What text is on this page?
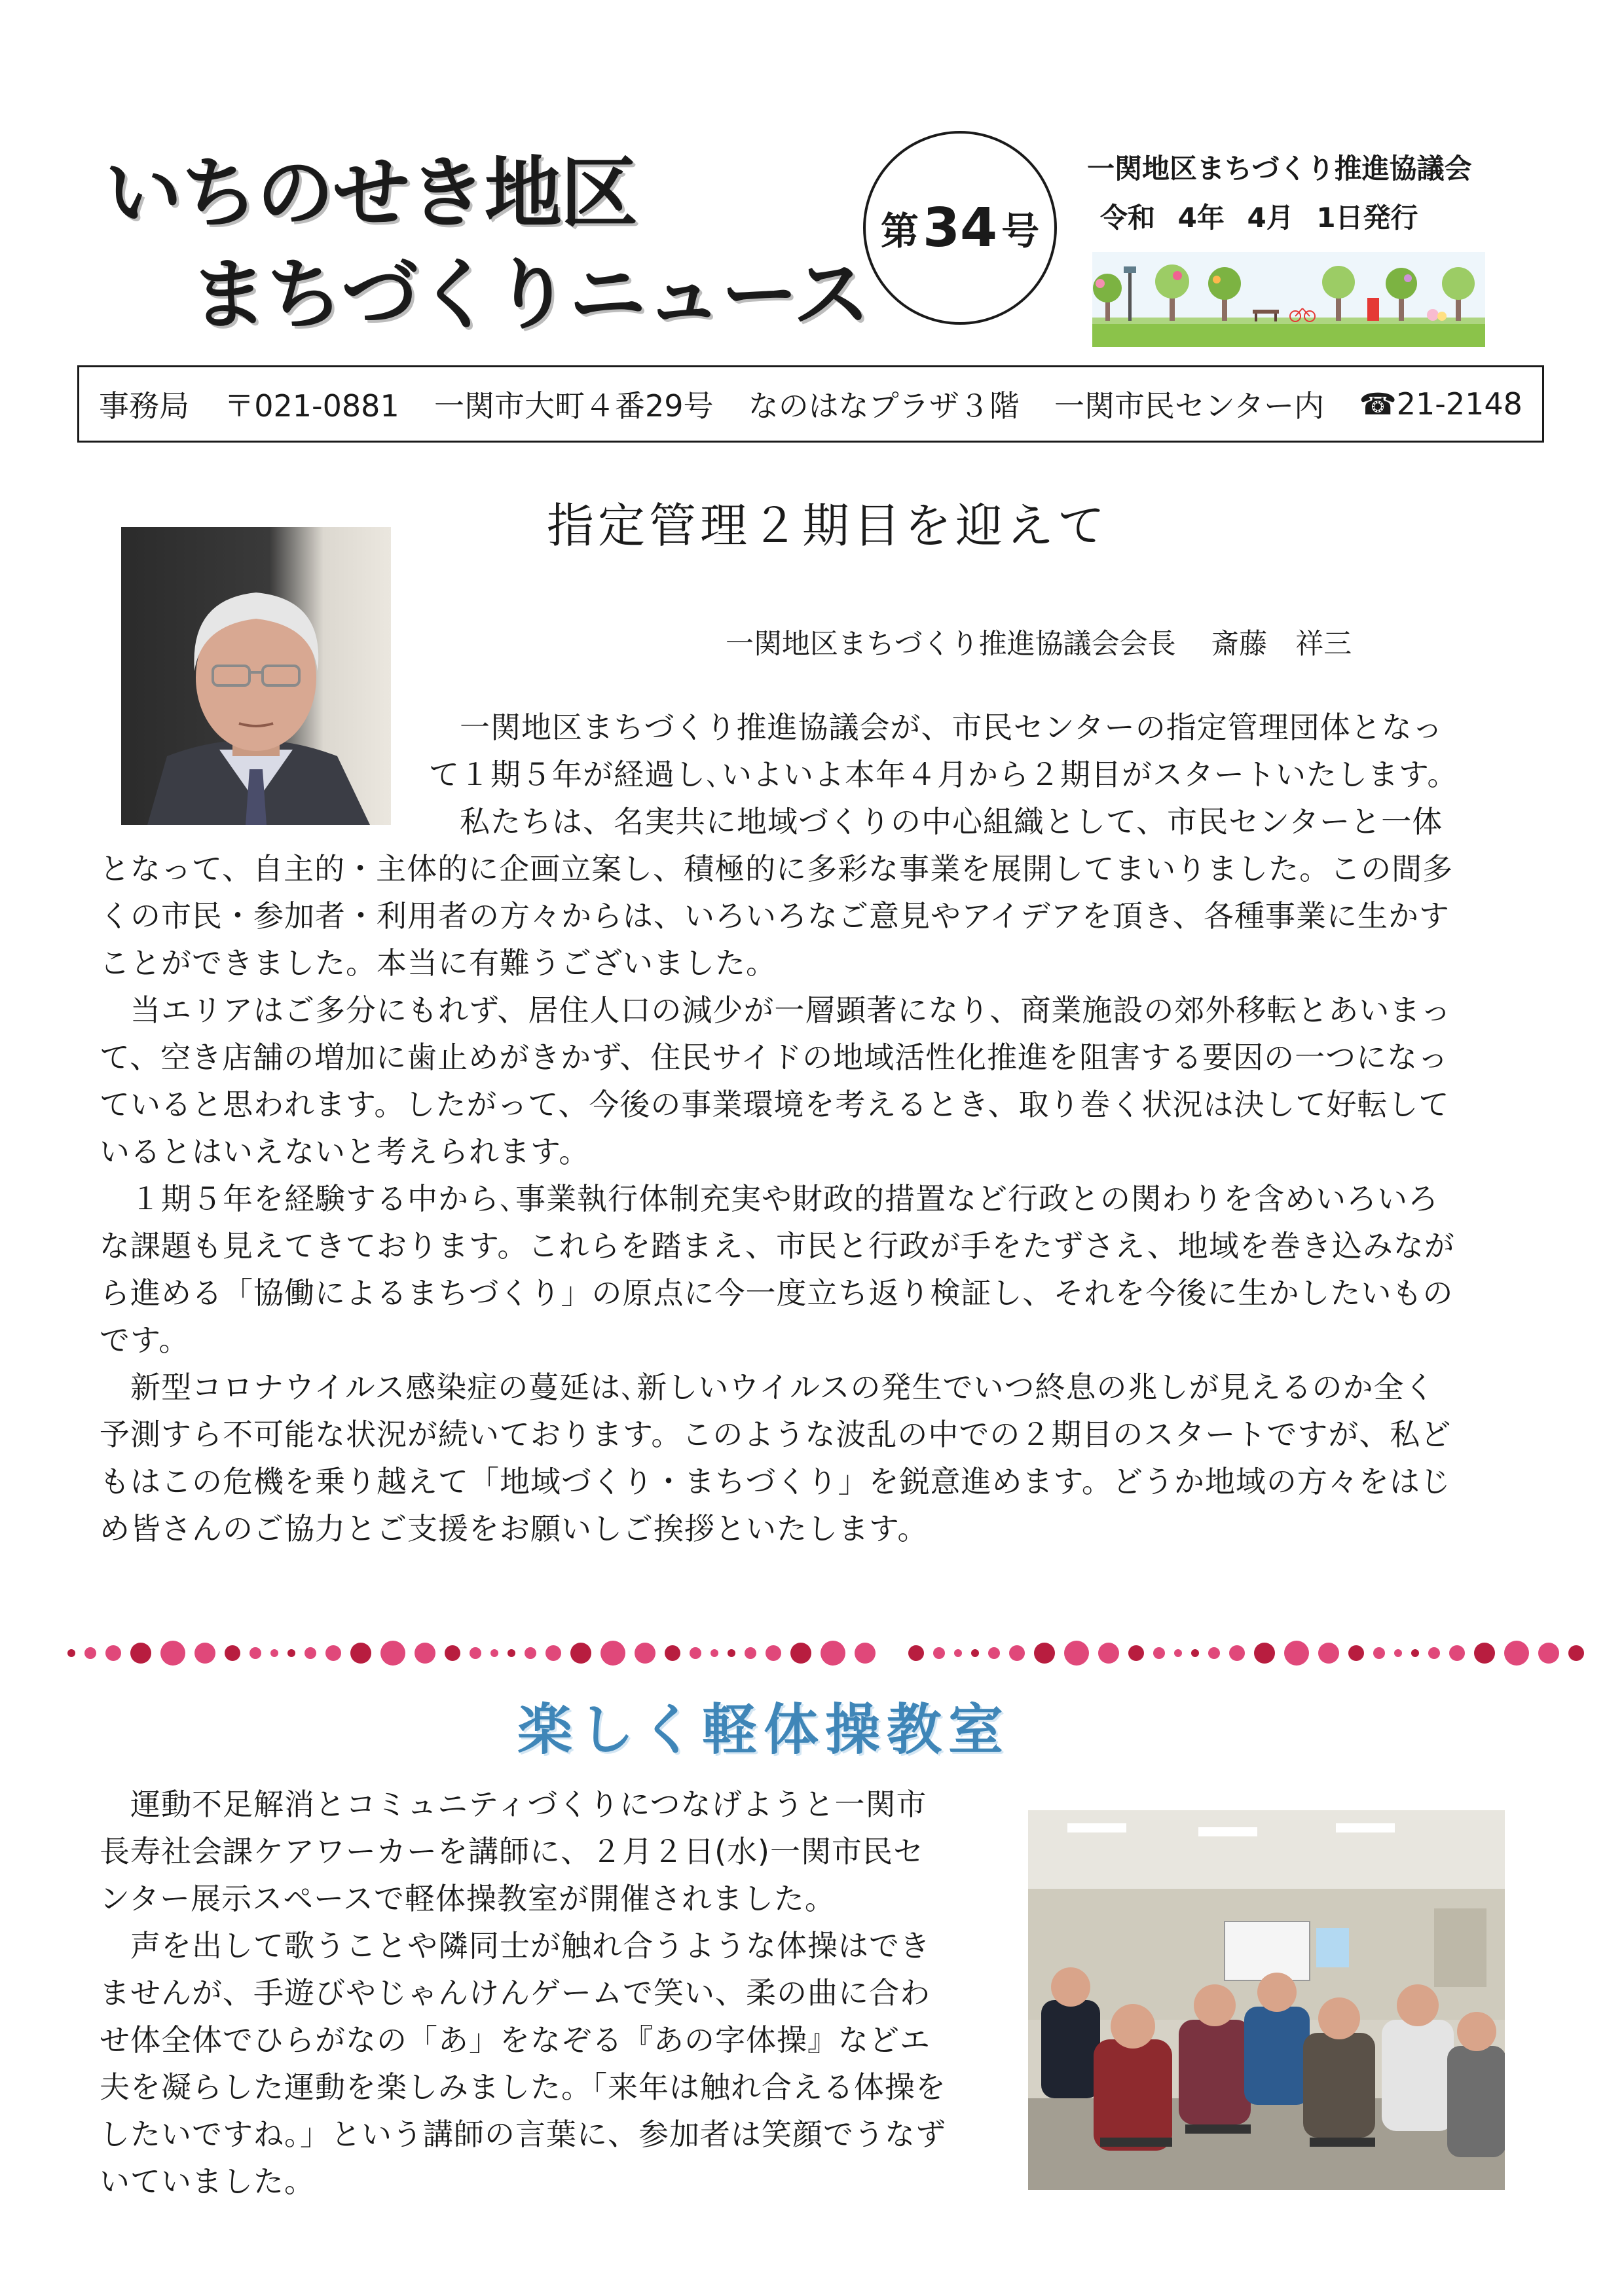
いちのせき地区
まちづくりニュース
第 34 号
一関地区まちづくり推進協議会
令和 4年 4月 1日発行
事務局 〒021-0881 一関市大町４番29号 なのはなプラザ３階 一関市民センター内 ☎21-2148
指定管理２期目を迎えて
一関地区まちづくり推進協議会会長 斎藤　祥三
　一関地区まちづくり推進協議会が、市民センターの指定管理団体となっ
て１期５年が経過し､いよいよ本年４月から２期目がスタートいたします。
　私たちは、名実共に地域づくりの中心組織として、市民センターと一体
となって、自主的・主体的に企画立案し、積極的に多彩な事業を展開してまいりました。この間多
くの市民・参加者・利用者の方々からは、いろいろなご意見やアイデアを頂き、各種事業に生かす
ことができました。本当に有難うございました。
　当エリアはご多分にもれず、居住人口の減少が一層顕著になり、商業施設の郊外移転とあいまっ
て、空き店舗の増加に歯止めがきかず、住民サイドの地域活性化推進を阻害する要因の一つになっ
ていると思われます。したがって、今後の事業環境を考えるとき、取り巻く状況は決して好転して
いるとはいえないと考えられます。
　１期５年を経験する中から､事業執行体制充実や財政的措置など行政との関わりを含めいろいろ
な課題も見えてきております。これらを踏まえ、市民と行政が手をたずさえ、地域を巻き込みなが
ら進める「協働によるまちづくり」の原点に今一度立ち返り検証し、それを今後に生かしたいもの
です。
　新型コロナウイルス感染症の蔓延は､新しいウイルスの発生でいつ終息の兆しが見えるのか全く
予測すら不可能な状況が続いております。このような波乱の中での２期目のスタートですが、私ど
もはこの危機を乗り越えて「地域づくり・まちづくり」を鋭意進めます。どうか地域の方々をはじ
め皆さんのご協力とご支援をお願いしご挨拶といたします。
楽しく軽体操教室
　運動不足解消とコミュニティづくりにつなげようと一関市
長寿社会課ケアワーカーを講師に、２月２日(水)一関市民セ
ンター展示スペースで軽体操教室が開催されました。
　声を出して歌うことや隣同士が触れ合うような体操はでき
ませんが、手遊びやじゃんけんゲームで笑い、柔の曲に合わ
せ体全体でひらがなの「あ」をなぞる『あの字体操』などエ
夫を凝らした運動を楽しみました｡「来年は触れ合える体操を
したいですね。」という講師の言葉に、参加者は笑顔でうなず
いていました。
